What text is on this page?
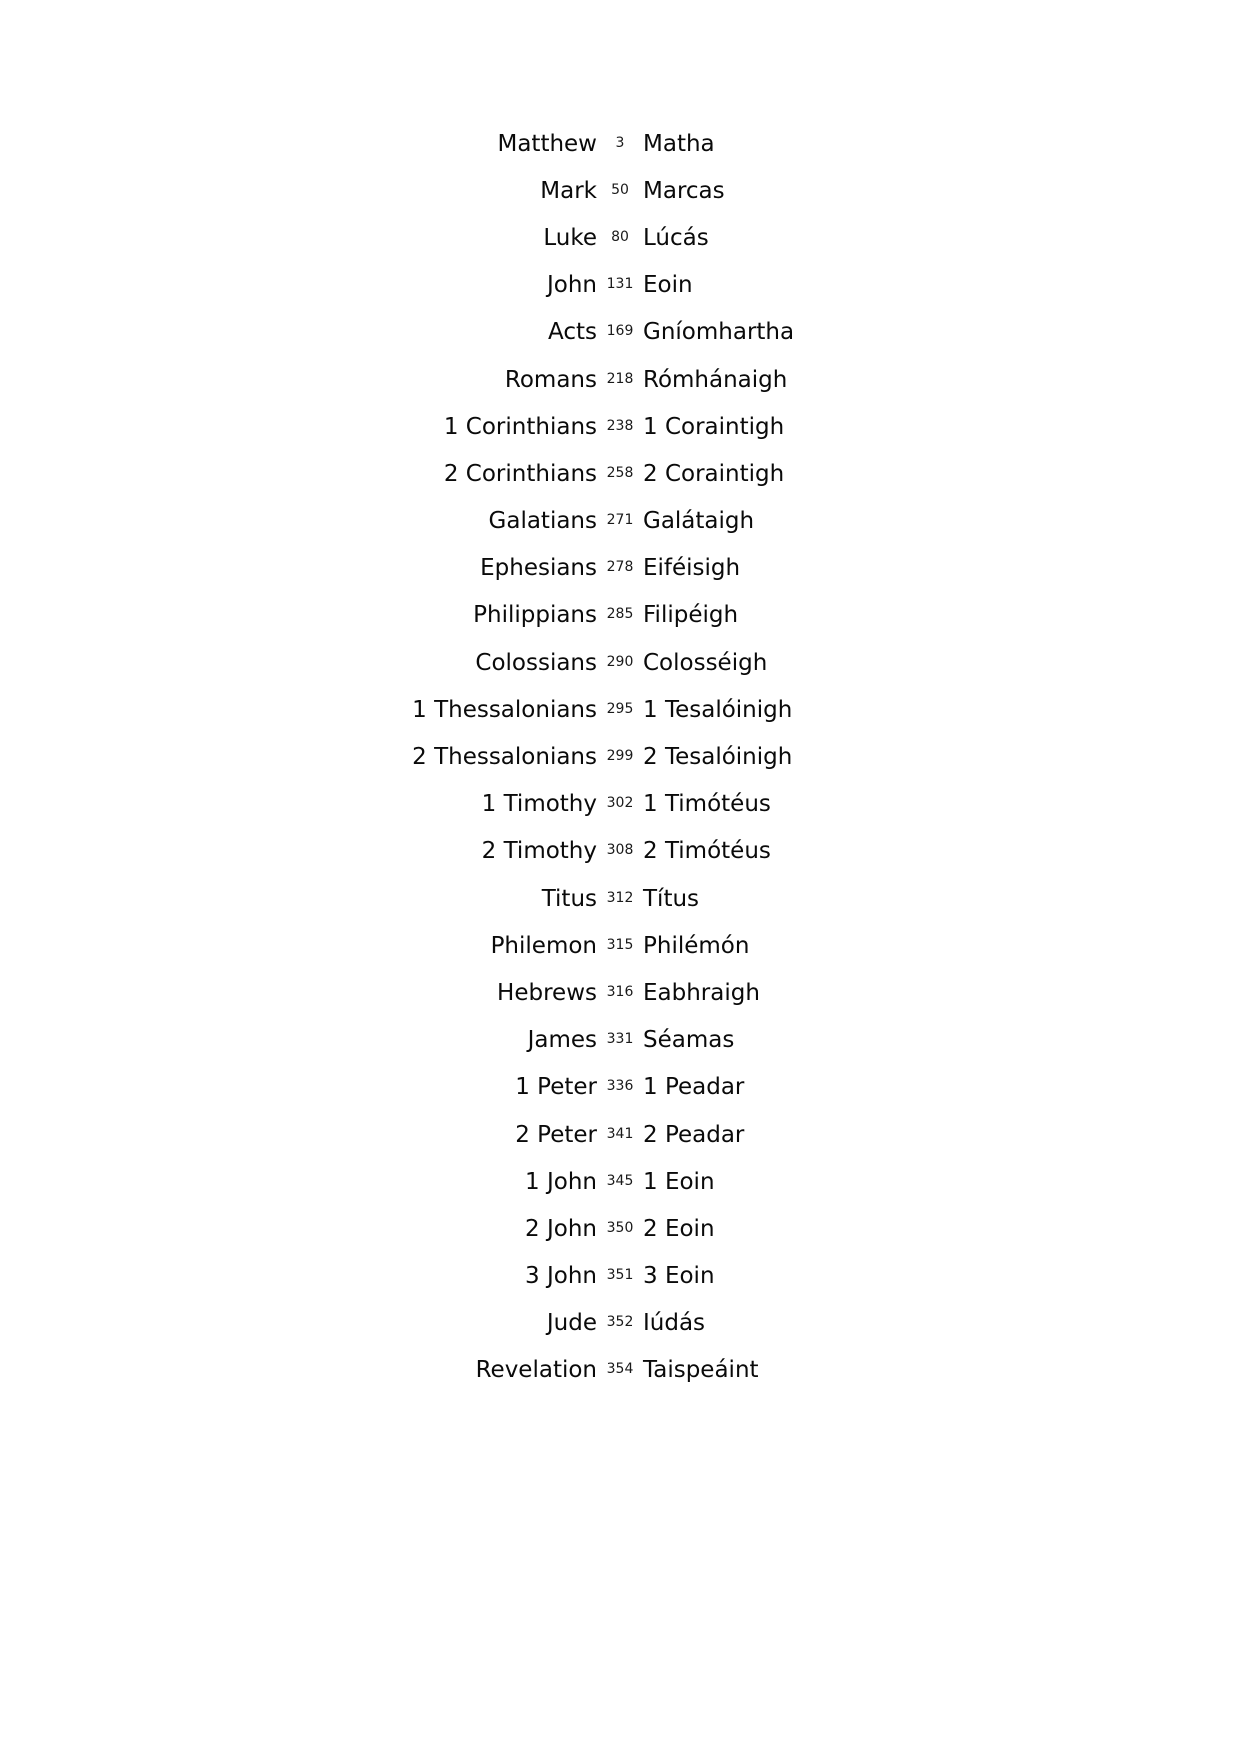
Matthew	3 Matha
Mark	50 Marcas
Luke	80 Lúcás
John 131 Eoin
Acts 169 Gníomhartha
Romans 218 Rómhánaigh
1 Corinthians 238 1 Coraintigh
2 Corinthians 258 2 Coraintigh
Galatians 271 Galátaigh
Ephesians 278 Eiféisigh
Philippians 285 Filipéigh
Colossians 290 Colosséigh
1 Thessalonians 295 1 Tesalóinigh
2 Thessalonians 299 2 Tesalóinigh
1 Timothy 302 1 Timótéus
2 Timothy 308 2 Timótéus
Titus 312 Títus
Philemon 315 Philémón
Hebrews 316 Eabhraigh
James 331 Séamas
1 Peter 336 1 Peadar
2 Peter 341 2 Peadar
1 John 345 1 Eoin
2 John 350 2 Eoin
3 John 351 3 Eoin
Jude 352 Iúdás
Revelation 354 Taispeáint
